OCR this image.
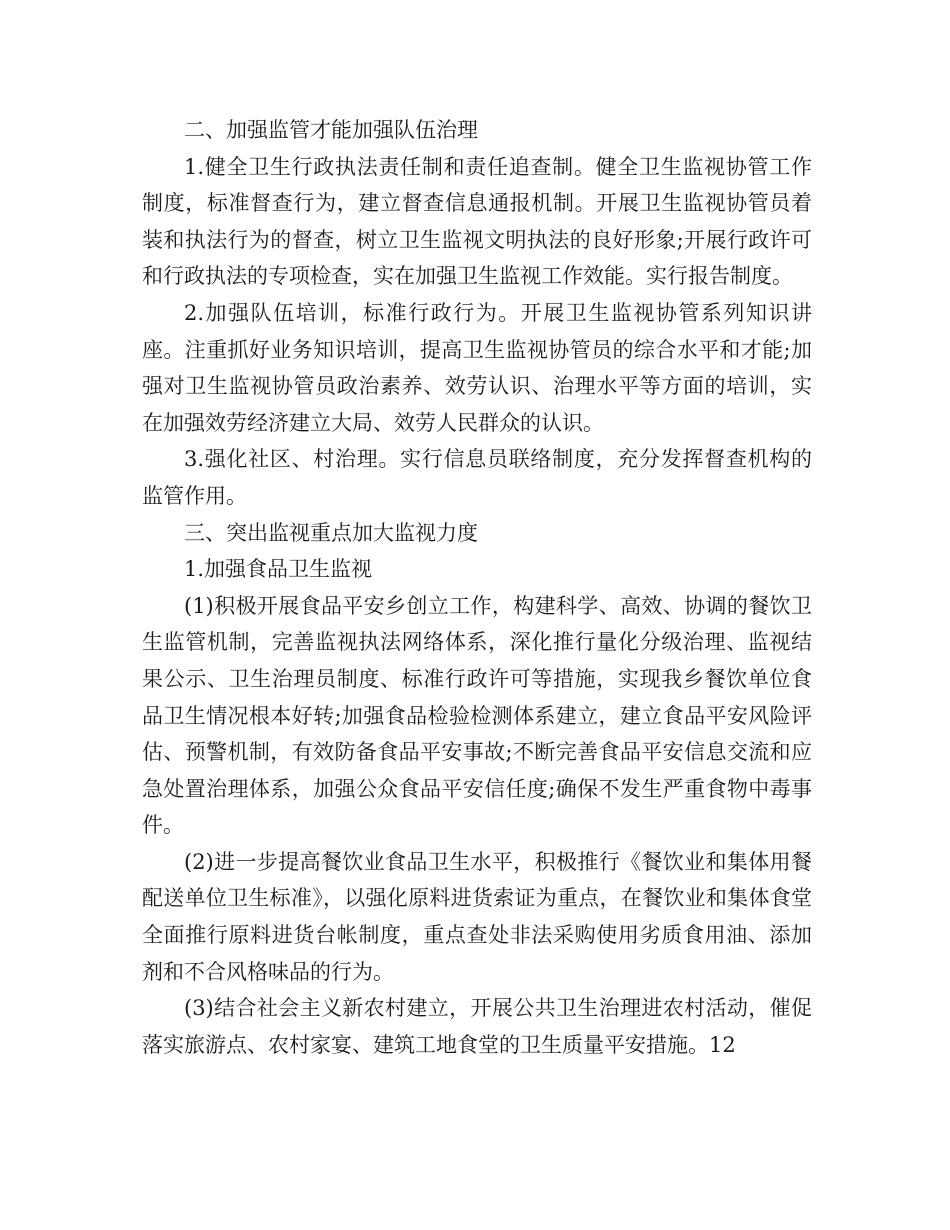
二、加强监管才能加强队伍治理

1.健全卫生行政执法责任制和责任追查制。健全卫生监视协管工作制度，标准督查行为，建立督查信息通报机制。开展卫生监视协管员着装和执法行为的督查，树立卫生监视文明执法的良好形象;开展行政许可和行政执法的专项检查，实在加强卫生监视工作效能。实行报告制度。

2.加强队伍培训，标准行政行为。开展卫生监视协管系列知识讲座。注重抓好业务知识培训，提高卫生监视协管员的综合水平和才能;加强对卫生监视协管员政治素养、效劳认识、治理水平等方面的培训，实在加强效劳经济建立大局、效劳人民群众的认识。

3.强化社区、村治理。实行信息员联络制度，充分发挥督查机构的监管作用。

三、突出监视重点加大监视力度

1.加强食品卫生监视

(1)积极开展食品平安乡创立工作，构建科学、高效、协调的餐饮卫生监管机制，完善监视执法网络体系，深化推行量化分级治理、监视结果公示、卫生治理员制度、标准行政许可等措施，实现我乡餐饮单位食品卫生情况根本好转;加强食品检验检测体系建立，建立食品平安风险评估、预警机制，有效防备食品平安事故;不断完善食品平安信息交流和应急处置治理体系，加强公众食品平安信任度;确保不发生严重食物中毒事件。

(2)进一步提高餐饮业食品卫生水平，积极推行《餐饮业和集体用餐配送单位卫生标准》，以强化原料进货索证为重点，在餐饮业和集体食堂全面推行原料进货台帐制度，重点查处非法采购使用劣质食用油、添加剂和不合风格味品的行为。

(3)结合社会主义新农村建立，开展公共卫生治理进农村活动，催促落实旅游点、农村家宴、建筑工地食堂的卫生质量平安措施。12
